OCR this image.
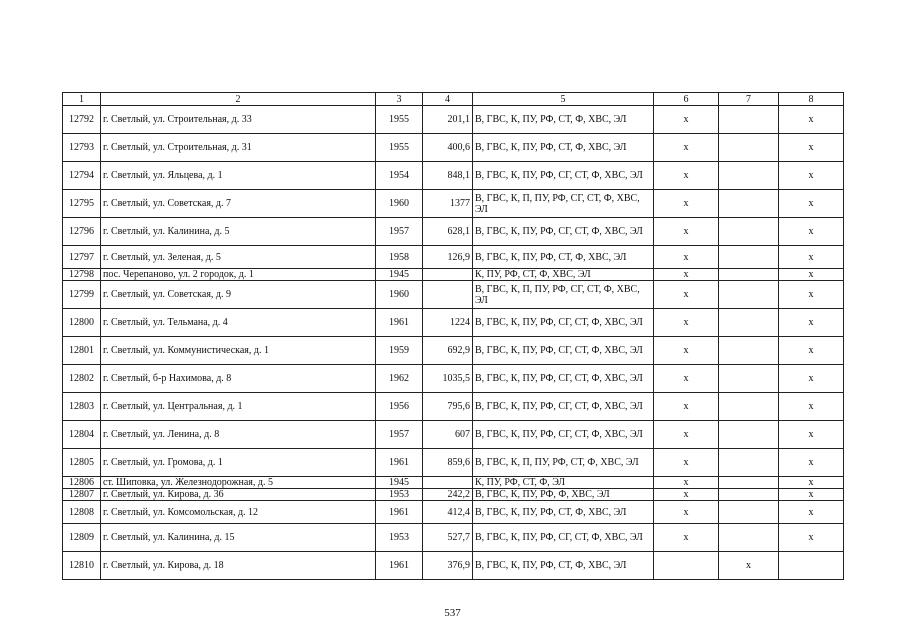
1	2	3	4	5	6	7	8
12792	г. Светлый, ул. Строительная, д. 33	1955	201,1	В, ГВС, К, ПУ, РФ, СТ, Ф, ХВС, ЭЛ	х		х
12793	г. Светлый, ул. Строительная, д. 31	1955	400,6	В, ГВС, К, ПУ, РФ, СТ, Ф, ХВС, ЭЛ	х		х
12794	г. Светлый, ул. Яльцева, д. 1	1954	848,1	В, ГВС, К, ПУ, РФ, СГ, СТ, Ф, ХВС, ЭЛ	х		х
12795	г. Светлый, ул. Советская, д. 7	1960	1377	В, ГВС, К, П, ПУ, РФ, СГ, СТ, Ф, ХВС, ЭЛ	х		х
12796	г. Светлый, ул. Калинина, д. 5	1957	628,1	В, ГВС, К, ПУ, РФ, СГ, СТ, Ф, ХВС, ЭЛ	х		х
12797	г. Светлый, ул. Зеленая, д. 5	1958	126,9	В, ГВС, К, ПУ, РФ, СТ, Ф, ХВС, ЭЛ	х		х
12798	пос. Черепаново, ул. 2 городок, д. 1	1945		К, ПУ, РФ, СТ, Ф, ХВС, ЭЛ	х		х
12799	г. Светлый, ул. Советская, д. 9	1960		В, ГВС, К, П, ПУ, РФ, СГ, СТ, Ф, ХВС, ЭЛ	х		х
12800	г. Светлый, ул. Тельмана, д. 4	1961	1224	В, ГВС, К, ПУ, РФ, СГ, СТ, Ф, ХВС, ЭЛ	х		х
12801	г. Светлый, ул. Коммунистическая, д. 1	1959	692,9	В, ГВС, К, ПУ, РФ, СГ, СТ, Ф, ХВС, ЭЛ	х		х
12802	г. Светлый, б-р Нахимова, д. 8	1962	1035,5	В, ГВС, К, ПУ, РФ, СГ, СТ, Ф, ХВС, ЭЛ	х		х
12803	г. Светлый, ул. Центральная, д. 1	1956	795,6	В, ГВС, К, ПУ, РФ, СГ, СТ, Ф, ХВС, ЭЛ	х		х
12804	г. Светлый, ул. Ленина, д. 8	1957	607	В, ГВС, К, ПУ, РФ, СГ, СТ, Ф, ХВС, ЭЛ	х		х
12805	г. Светлый, ул. Громова, д. 1	1961	859,6	В, ГВС, К, П, ПУ, РФ, СТ, Ф, ХВС, ЭЛ	х		х
12806	ст. Шиповка, ул. Железнодорожная, д. 5	1945		К, ПУ, РФ, СТ, Ф, ЭЛ	х		х
12807	г. Светлый, ул. Кирова, д. 36	1953	242,2	В, ГВС, К, ПУ, РФ, Ф, ХВС, ЭЛ	х		х
12808	г. Светлый, ул. Комсомольская, д. 12	1961	412,4	В, ГВС, К, ПУ, РФ, СТ, Ф, ХВС, ЭЛ	х		х
12809	г. Светлый, ул. Калинина, д. 15	1953	527,7	В, ГВС, К, ПУ, РФ, СГ, СТ, Ф, ХВС, ЭЛ	х		х
12810	г. Светлый, ул. Кирова, д. 18	1961	376,9	В, ГВС, К, ПУ, РФ, СТ, Ф, ХВС, ЭЛ		х	
537
